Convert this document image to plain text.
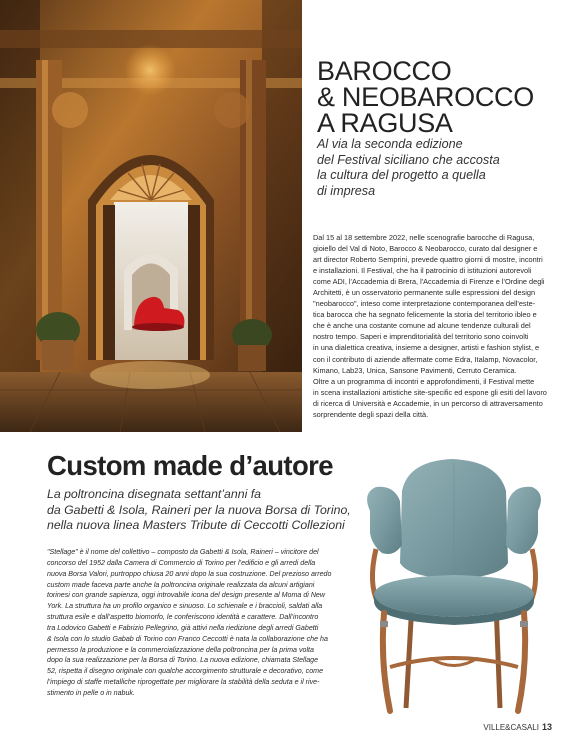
BAROCCO
& NEOBAROCCO
A RAGUSA

Al via la seconda edizione
del Festival siciliano che accosta
la cultura del progetto a quella
di impresa

Dal 15 al 18 settembre 2022, nelle scenografie barocche di Ragusa,
gioiello del Val di Noto, Barocco & Neobarocco, curato dal designer e
art director Roberto Semprini, prevede quattro giorni di mostre, incontri
e installazioni. Il Festival, che ha il patrocinio di istituzioni autorevoli
come ADI, l'Accademia di Brera, l'Accademia di Firenze e l'Ordine degli
Architetti, è un osservatorio permanente sulle espressioni del design
"neobarocco", inteso come interpretazione contemporanea dell'este-
tica barocca che ha segnato felicemente la storia del territorio ibleo e
che è anche una costante comune ad alcune tendenze culturali del
nostro tempo. Saperi e imprenditorialità del territorio sono coinvolti
in una dialettica creativa, insieme a designer, artisti e fashion stylist, e
con il contributo di aziende affermate come Edra, Italamp, Novacolor,
Kimano, Lab23, Unica, Sansone Pavimenti, Cerruto Ceramica.
Oltre a un programma di incontri e approfondimenti, il Festival mette
in scena installazioni artistiche site-specific ed espone gli esiti del lavoro
di ricerca di Università e Accademie, in un percorso di attraversamento
sorprendente degli spazi della città.
Custom made d’autore

La poltroncina disegnata settant’anni fa
da Gabetti & Isola, Raineri per la nuova Borsa di Torino,
nella nuova linea Masters Tribute di Ceccotti Collezioni

"Stellage" è il nome del collettivo – composto da Gabetti & Isola, Raineri – vincitore del
concorso del 1952 dalla Camera di Commercio di Torino per l’edificio e gli arredi della
nuova Borsa Valori, purtroppo chiusa 20 anni dopo la sua costruzione. Del prezioso arredo
custom made faceva parte anche la poltroncina originale realizzata da alcuni artigiani
torinesi con grande sapienza, oggi introvabile icona del design presente al Moma di New
York. La struttura ha un profilo organico e sinuoso. Lo schienale e i braccioli, saldati alla
struttura esile e dall’aspetto biomorfo, le conferiscono identità e carattere. Dall’incontro
tra Lodovico Gabetti e Fabrizio Pellegrino, già attivi nella riedizione degli arredi Gabetti
& Isola con lo studio Gabab di Torino con Franco Ceccotti è nata la collaborazione che ha
permesso la produzione e la commercializzazione della poltroncina per la prima volta
dopo la sua realizzazione per la Borsa di Torino. La nuova edizione, chiamata Stellage
52, rispetta il disegno originale con qualche accorgimento strutturale e decorativo, come
l’impiego di staffe metalliche riprogettate per migliorare la stabilità della seduta e il rive-
stimento in pelle o in nabuk.
VILLE&CASALI 13
